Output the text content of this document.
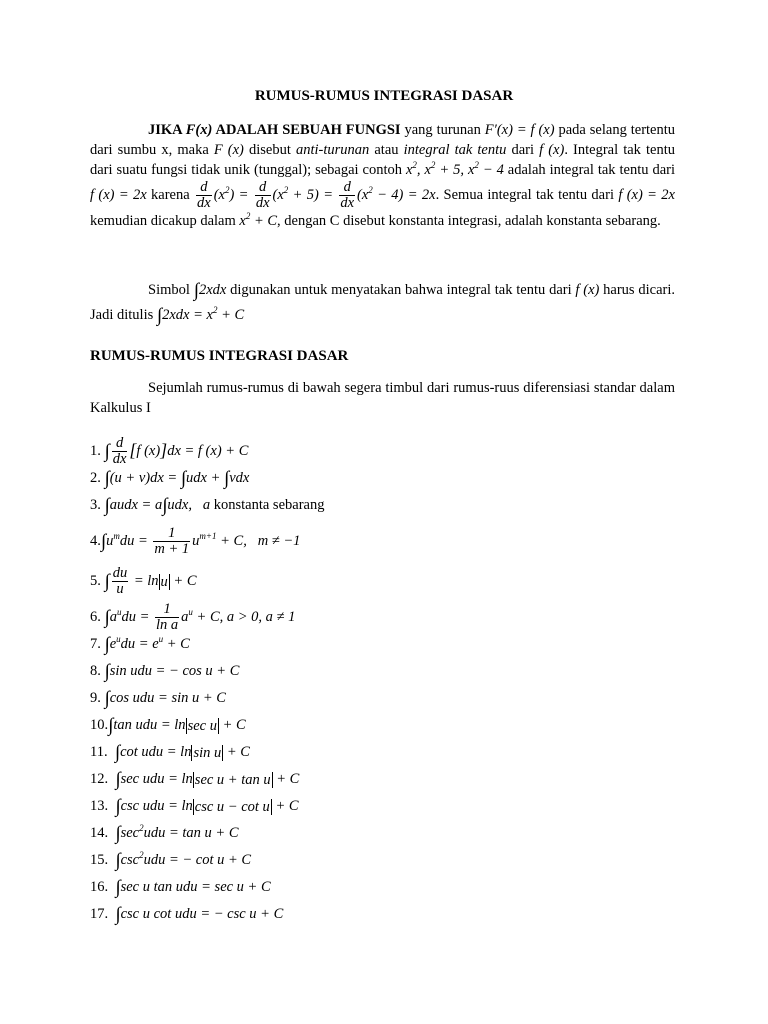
RUMUS-RUMUS INTEGRASI DASAR
JIKA F(x) ADALAH SEBUAH FUNGSI yang turunan F′(x) = f (x) pada selang tertentu dari sumbu x, maka F (x) disebut anti-turunan atau integral tak tentu dari f (x). Integral tak tentu dari suatu fungsi tidak unik (tunggal); sebagai contoh $x^2$, $x^2 + 5$, $x^2 - 4$ adalah integral tak tentu dari f (x) = 2x karena $\frac{d}{dx} (x^2) = \frac{d}{dx} (x^2 + 5) = \frac{d}{dx} (x^2 - 4) = 2x$. Semua integral tak tentu dari f (x) = 2x kemudian dicakup dalam $x^2 + C$, dengan C disebut konstanta integrasi, adalah konstanta sebarang.
Simbol ∫2xdx digunakan untuk menyatakan bahwa integral tak tentu dari f (x) harus dicari. Jadi ditulis $\int 2xdx = x^2 + C$
RUMUS-RUMUS INTEGRASI DASAR
Sejumlah rumus-rumus di bawah segera timbul dari rumus-ruus diferensiasi standar dalam Kalkulus I
1. ∫ $\frac{d}{dx} [f$ (x)]dx = f (x) + C
2. ∫(u + v)dx = ∫udx + ∫vdx
3. ∫audx = a∫udx,   a konstanta sebarang
$4.\int u^mdu = \frac{1}{m + 1} u^{m+1} + C$,   m ≠ −1
5. ∫ $\frac{du}{u} = \ln u + C$
6. $\int a^udu = \frac{1}{\text{ln a}} a^u + C$, a > 0, a ≠ 1
7. $\int e^udu = e^u + C$
8. ∫sin udu = − cos u + C
9. ∫cos udu = sin u + C
10.∫tan udu = ln sec u + C
11. ∫cot udu = ln sin u + C
12. ∫sec udu = ln sec u + tan u + C
13. ∫csc udu = ln csc u − cot u + C
14. $\int\sec^2udu = \tan u + C$
15. $\int\csc^2udu$ = − cot u + C
16. ∫sec u tan udu = sec u + C
17. ∫csc u cot udu = − csc u + C
